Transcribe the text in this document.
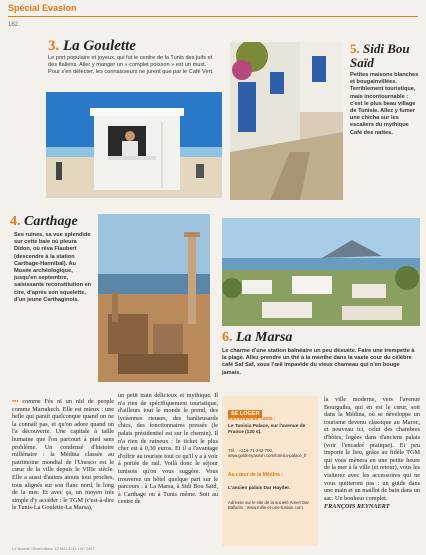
Spécial Evasion
162
3. La Goulette
Le port populaire et joyeux, qui fut le centre de la Tunis des juifs et des Italiens. Aller y manger un « complet poisson » est un must. Pour s'en délecter, les connaisseurs ne jurent que par le Café Vert.
5. Sidi Bou Saïd
Petites maisons blanches et bougainvillées. Terriblement touristique, mais incontournable : c'est le plus beau village de Tunisie. Allez y fumer une chicha sur les escaliers du mythique Café des nattes.
4. Carthage
Ses ruines, sa vue splendide sur cette baie où pleura Didon, où rêva Flaubert (descendre à la station Carthage-Hannibal). Au Musée archéologique, jusqu'en septembre, saisissante reconstitution en cire, d'après son squelette, d'un jeune Carthaginois.
6. La Marsa
Le charme d'une station balnéaire un peu désuète. Faire une trempette à la plage. Allez prendre un thé à la menthe dans la vaste cour du célèbre café Saf Saf, sous l'œil impavide du vieux chameau qui n'en bouge jamais.
••• comme Fès ni un nid de people comme Marrakech. Elle est mieux : une belle qui paraît quelconque quand on ne la connaît pas, et qu'on adore quand on l'a découverte. Une capitale à taille humaine que l'on parcourt à pied sans problème. Un condensé d'histoire millénaire : la Médina classée au patrimoine mondial de l'Unesco est le cœur de la ville depuis le VIIIe siècle. Elle a aussi d'autres atouts tout proches, tous alignés sur son flanc nord, le long de la mer. Et avec ça, un moyen très simple d'y accéder : le TGM (c'est-à-dire le Tunis-La Goulette-La Marsa),
un petit train délicieux et mythique. Il n'a rien de spécifiquement touristique, d'ailleurs tout le monde le prend, des lycéennes rieuses, des banlieusards chics, des fonctionnaires pressés (le palais présidentiel est sur le chemin). Il n'a rien de ruineux : le ticket le plus cher est à 0,30 euros. Et il a l'avantage d'offrir au touriste tout ce qu'il y a à voir à portée de rail. Voilà donc le séjour tunisois qu'on vous suggère. Vous trouverez un hôtel quelque part sur le parcours : à La Marsa, à Sidi Bou Saïd, à Carthage ou à Tunis même. Soit au centre de
SE LOGER
Au centre de Tunis :
Le Tunisia Palace, sur l'avenue de France (120 €).
Tél. : +216-71-242-700, www.goldenyasmin.com/tunisia-palace_fr
Au cœur de la Médina :
L'ancien palais Dar Hayder.
Adresse sur le site de la société Ameri Dar Ballarini : www.mille-et-une-tunisie.com
la ville moderne, vers l'avenue Bourguiba, qui en est le cœur, soit dans la Médina, où se développe un tourisme devenu classique au Maroc, et nouveau ici, celui des chambres d'hôtes, logées dans d'anciens palais (voir l'encadré pratique). Et peu importe le lieu, grâce au fidèle TGM qui vous mènera en une petite heure de la mer à la ville (et retour), vous les visiterez avec les accessoires qui ne vous quitteront pas : un guide dans une main et un maillot de bain dans un sac. Un bonheur complet.
FRANÇOIS REYNAERT
Le Nouvel Observateur 12 MAI 2011 • N° 2427
